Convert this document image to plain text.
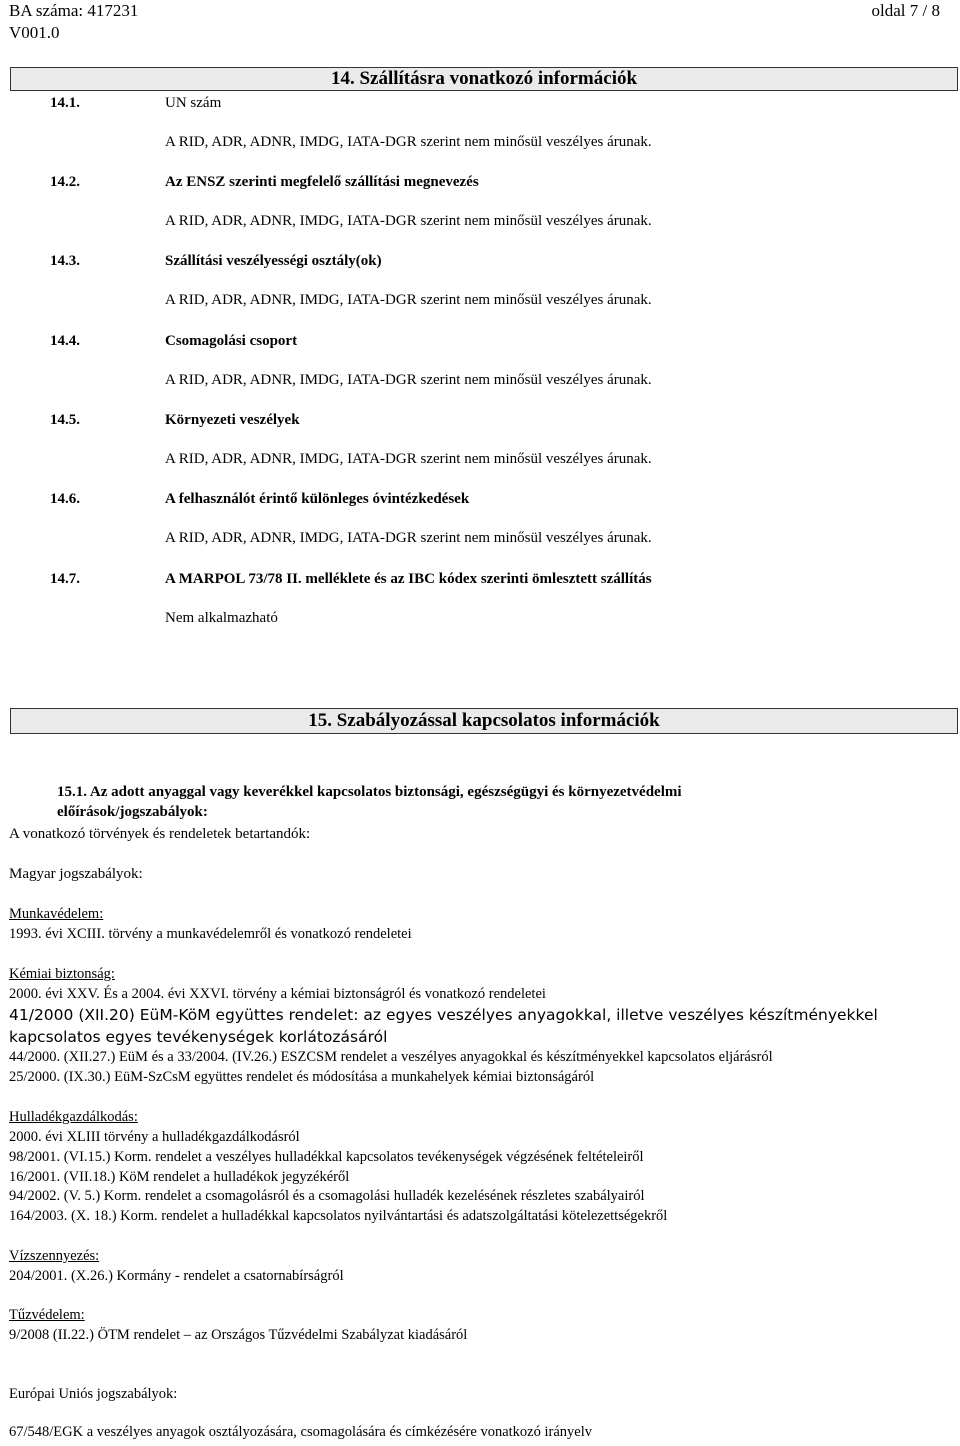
BA száma: 417231
V001.0
oldal 7 / 8
14. Szállításra vonatkozó információk
14.1.	UN szám
A RID, ADR, ADNR, IMDG, IATA-DGR szerint nem minősül veszélyes árunak.
14.2.	Az ENSZ szerinti megfelelő szállítási megnevezés
A RID, ADR, ADNR, IMDG, IATA-DGR szerint nem minősül veszélyes árunak.
14.3.	Szállítási veszélyességi osztály(ok)
A RID, ADR, ADNR, IMDG, IATA-DGR szerint nem minősül veszélyes árunak.
14.4.	Csomagolási csoport
A RID, ADR, ADNR, IMDG, IATA-DGR szerint nem minősül veszélyes árunak.
14.5.	Környezeti veszélyek
A RID, ADR, ADNR, IMDG, IATA-DGR szerint nem minősül veszélyes árunak.
14.6.	A felhasználót érintő különleges óvintézkedések
A RID, ADR, ADNR, IMDG, IATA-DGR szerint nem minősül veszélyes árunak.
14.7.	A MARPOL 73/78 II. melléklete és az IBC kódex szerinti ömlesztett szállítás
Nem alkalmazható
15. Szabályozással kapcsolatos információk
15.1. Az adott anyaggal vagy keverékkel kapcsolatos biztonsági, egészségügyi és környezetvédelmi
előírások/jogszabályok:
A vonatkozó törvények és rendeletek betartandók:
Magyar jogszabályok:
Munkavédelem:
1993. évi XCIII. törvény a munkavédelemről és vonatkozó rendeletei
Kémiai biztonság:
2000. évi XXV. És a 2004. évi XXVI. törvény a kémiai biztonságról és vonatkozó rendeletei
41/2000 (XII.20) EüM-KöM együttes rendelet: az egyes veszélyes anyagokkal, illetve veszélyes készítményekkel
kapcsolatos egyes tevékenységek korlátozásáról
44/2000. (XII.27.) EüM és a 33/2004. (IV.26.) ESZCSM rendelet a veszélyes anyagokkal és készítményekkel kapcsolatos eljárásról
25/2000. (IX.30.) EüM-SzCsM együttes rendelet és módosítása a munkahelyek kémiai biztonságáról
Hulladékgazdálkodás:
2000. évi XLIII törvény a hulladékgazdálkodásról
98/2001. (VI.15.) Korm. rendelet a veszélyes hulladékkal kapcsolatos tevékenységek végzésének feltételeiről
16/2001. (VII.18.) KöM rendelet a hulladékok jegyzékéről
94/2002. (V. 5.) Korm. rendelet a csomagolásról és a csomagolási hulladék kezelésének részletes szabályairól
164/2003. (X. 18.) Korm. rendelet a hulladékkal kapcsolatos nyilvántartási és adatszolgáltatási kötelezettségekről
Vízszennyezés:
204/2001. (X.26.) Kormány - rendelet a csatornabírságról
Tűzvédelem:
9/2008 (II.22.) ÖTM rendelet – az Országos Tűzvédelmi Szabályzat kiadásáról
Európai Uniós jogszabályok:
67/548/EGK a veszélyes anyagok osztályozására, csomagolására és címkézésére vonatkozó irányelv
